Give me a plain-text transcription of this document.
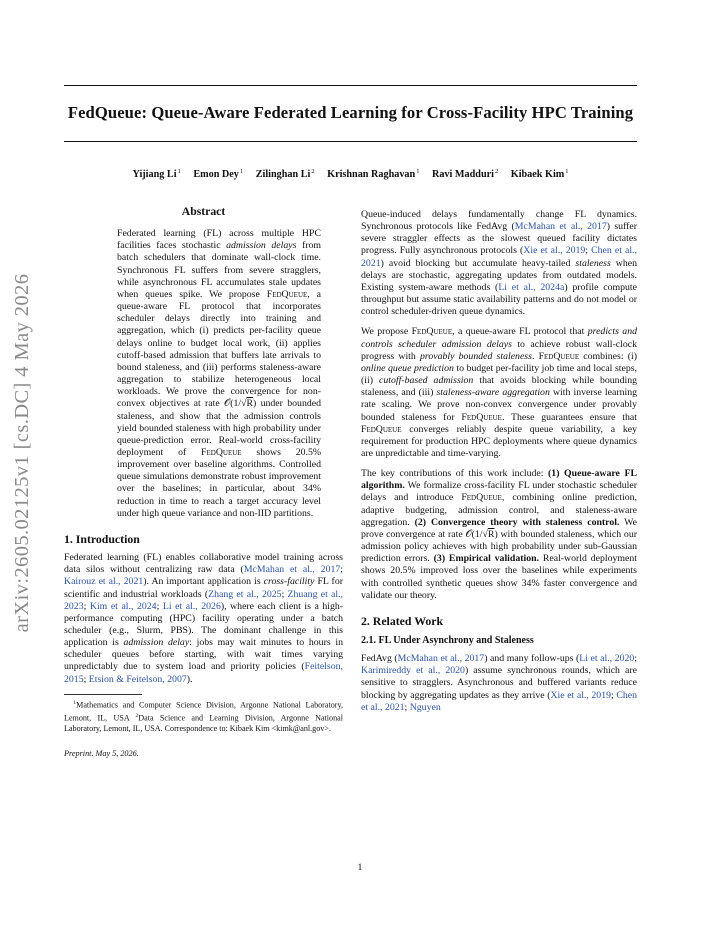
FedQueue: Queue-Aware Federated Learning for Cross-Facility HPC Training
Yijiang Li$^1$ Emon Dey$^1$ Zilinghan Li$^2$ Krishnan Raghavan$^1$ Ravi Madduri$^2$ Kibaek Kim$^1$
arXiv:2605.02125v1 [cs.DC] 4 May 2026
Abstract
Federated learning (FL) across multiple HPC facilities faces stochastic admission delays from batch schedulers that dominate wall-clock time. Synchronous FL suffers from severe stragglers, while asynchronous FL accumulates stale updates when queues spike. We propose FedQueue, a queue-aware FL protocol that incorporates scheduler delays directly into training and aggregation, which (i) predicts per-facility queue delays online to budget local work, (ii) applies cutoff-based admission that buffers late arrivals to bound staleness, and (iii) performs staleness-aware aggregation to stabilize heterogeneous local workloads. We prove the convergence for non-convex objectives at rate 𝒪(1/√R) under bounded staleness, and show that the admission controls yield bounded staleness with high probability under queue-prediction error. Real-world cross-facility deployment of FedQueue shows 20.5% improvement over baseline algorithms. Controlled queue simulations demonstrate robust improvement over the baselines; in particular, about 34% reduction in time to reach a target accuracy level under high queue variance and non-IID partitions.
1. Introduction

Federated learning (FL) enables collaborative model training across data silos without centralizing raw data (McMahan et al., 2017; Kairouz et al., 2021). An important application is cross-facility FL for scientific and industrial workloads (Zhang et al., 2025; Zhuang et al., 2023; Kim et al., 2024; Li et al., 2026), where each client is a high-performance computing (HPC) facility operating under a batch scheduler (e.g., Slurm, PBS). The dominant challenge in this application is admission delay: jobs may wait minutes to hours in scheduler queues before starting, with wait times varying unpredictably due to system load and priority policies (Feitelson, 2015; Etsion & Feitelson, 2007).

$^1$Mathematics and Computer Science Division, Argonne National Laboratory, Lemont, IL, USA $^2$Data Science and Learning Division, Argonne National Laboratory, Lemont, IL, USA. Correspondence to: Kibaek Kim <kimk@anl.gov>.
Preprint. May 5, 2026.

Queue-induced delays fundamentally change FL dynamics. Synchronous protocols like FedAvg (McMahan et al., 2017) suffer severe straggler effects as the slowest queued facility dictates progress. Fully asynchronous protocols (Xie et al., 2019; Chen et al., 2021) avoid blocking but accumulate heavy-tailed staleness when delays are stochastic, aggregating updates from outdated models. Existing system-aware methods (Li et al., 2024a) profile compute throughput but assume static availability patterns and do not model or control scheduler-driven queue dynamics.

We propose FedQueue, a queue-aware FL protocol that predicts and controls scheduler admission delays to achieve robust wall-clock progress with provably bounded staleness. FedQueue combines: (i) online queue prediction to budget per-facility job time and local steps, (ii) cutoff-based admission that avoids blocking while bounding staleness, and (iii) staleness-aware aggregation with inverse learning rate scaling. We prove non-convex convergence under provably bounded staleness for FedQueue. These guarantees ensure that FedQueue converges reliably despite queue variability, a key requirement for production HPC deployments where queue dynamics are unpredictable and time-varying.

The key contributions of this work include: (1) Queue-aware FL algorithm. We formalize cross-facility FL under stochastic scheduler delays and introduce FedQueue, combining online prediction, adaptive budgeting, admission control, and staleness-aware aggregation. (2) Convergence theory with staleness control. We prove convergence at rate 𝒪(1/√R) with bounded staleness, which our admission policy achieves with high probability under sub-Gaussian prediction errors. (3) Empirical validation. Real-world deployment shows 20.5% improved loss over the baselines while experiments with controlled synthetic queues show 34% faster convergence and validate our theory.

2. Related Work
2.1. FL Under Asynchrony and Staleness

FedAvg (McMahan et al., 2017) and many follow-ups (Li et al., 2020; Karimireddy et al., 2020) assume synchronous rounds, which are sensitive to stragglers. Asynchronous and buffered variants reduce blocking by aggregating updates as they arrive (Xie et al., 2019; Chen et al., 2021; Nguyen

1
